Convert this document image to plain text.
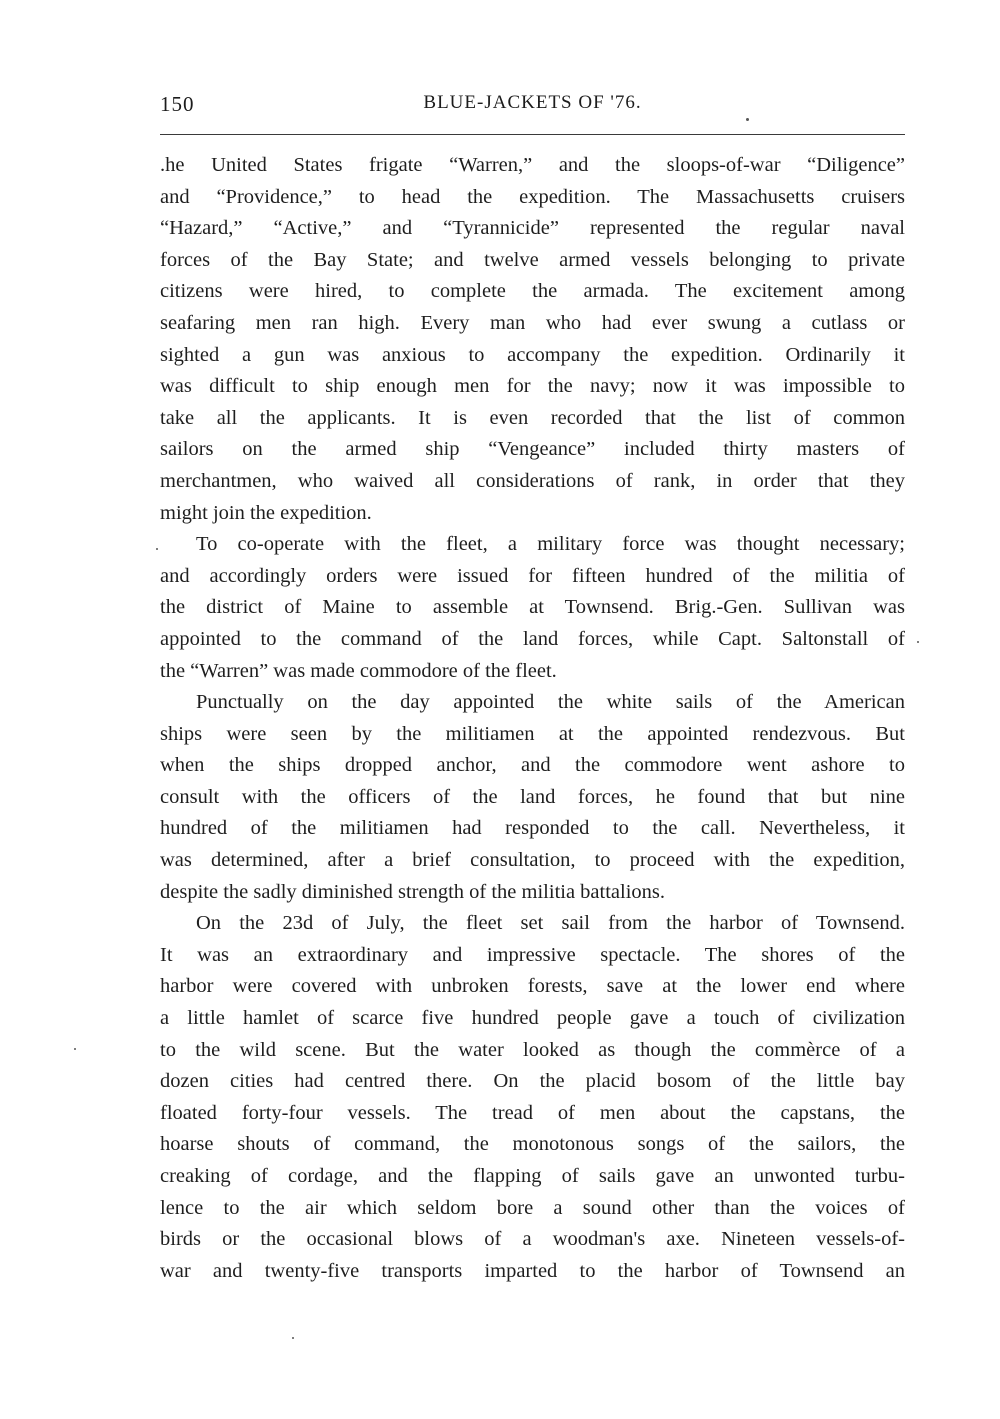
150	BLUE-JACKETS OF '76.
.he United States frigate “Warren,” and the sloops-of-war “Diligence”
and “Providence,” to head the expedition. The Massachusetts cruisers
“Hazard,” “Active,” and “Tyrannicide” represented the regular naval
forces of the Bay State; and twelve armed vessels belonging to private
citizens were hired, to complete the armada. The excitement among
seafaring men ran high. Every man who had ever swung a cutlass or
sighted a gun was anxious to accompany the expedition. Ordinarily it
was difficult to ship enough men for the navy; now it was impossible to
take all the applicants. It is even recorded that the list of common
sailors on the armed ship “Vengeance” included thirty masters of
merchantmen, who waived all considerations of rank, in order that they
might join the expedition.
To co-operate with the fleet, a military force was thought necessary;
and accordingly orders were issued for fifteen hundred of the militia of
the district of Maine to assemble at Townsend. Brig.-Gen. Sullivan was
appointed to the command of the land forces, while Capt. Saltonstall of
the “Warren” was made commodore of the fleet.
Punctually on the day appointed the white sails of the American
ships were seen by the militiamen at the appointed rendezvous. But
when the ships dropped anchor, and the commodore went ashore to
consult with the officers of the land forces, he found that but nine
hundred of the militiamen had responded to the call. Nevertheless, it
was determined, after a brief consultation, to proceed with the expedition,
despite the sadly diminished strength of the militia battalions.
On the 23d of July, the fleet set sail from the harbor of Townsend.
It was an extraordinary and impressive spectacle. The shores of the
harbor were covered with unbroken forests, save at the lower end where
a little hamlet of scarce five hundred people gave a touch of civilization
to the wild scene. But the water looked as though the commèrce of a
dozen cities had centred there. On the placid bosom of the little bay
floated forty-four vessels. The tread of men about the capstans, the
hoarse shouts of command, the monotonous songs of the sailors, the
creaking of cordage, and the flapping of sails gave an unwonted turbu-
lence to the air which seldom bore a sound other than the voices of
birds or the occasional blows of a woodman's axe. Nineteen vessels-of-
war and twenty-five transports imparted to the harbor of Townsend an
